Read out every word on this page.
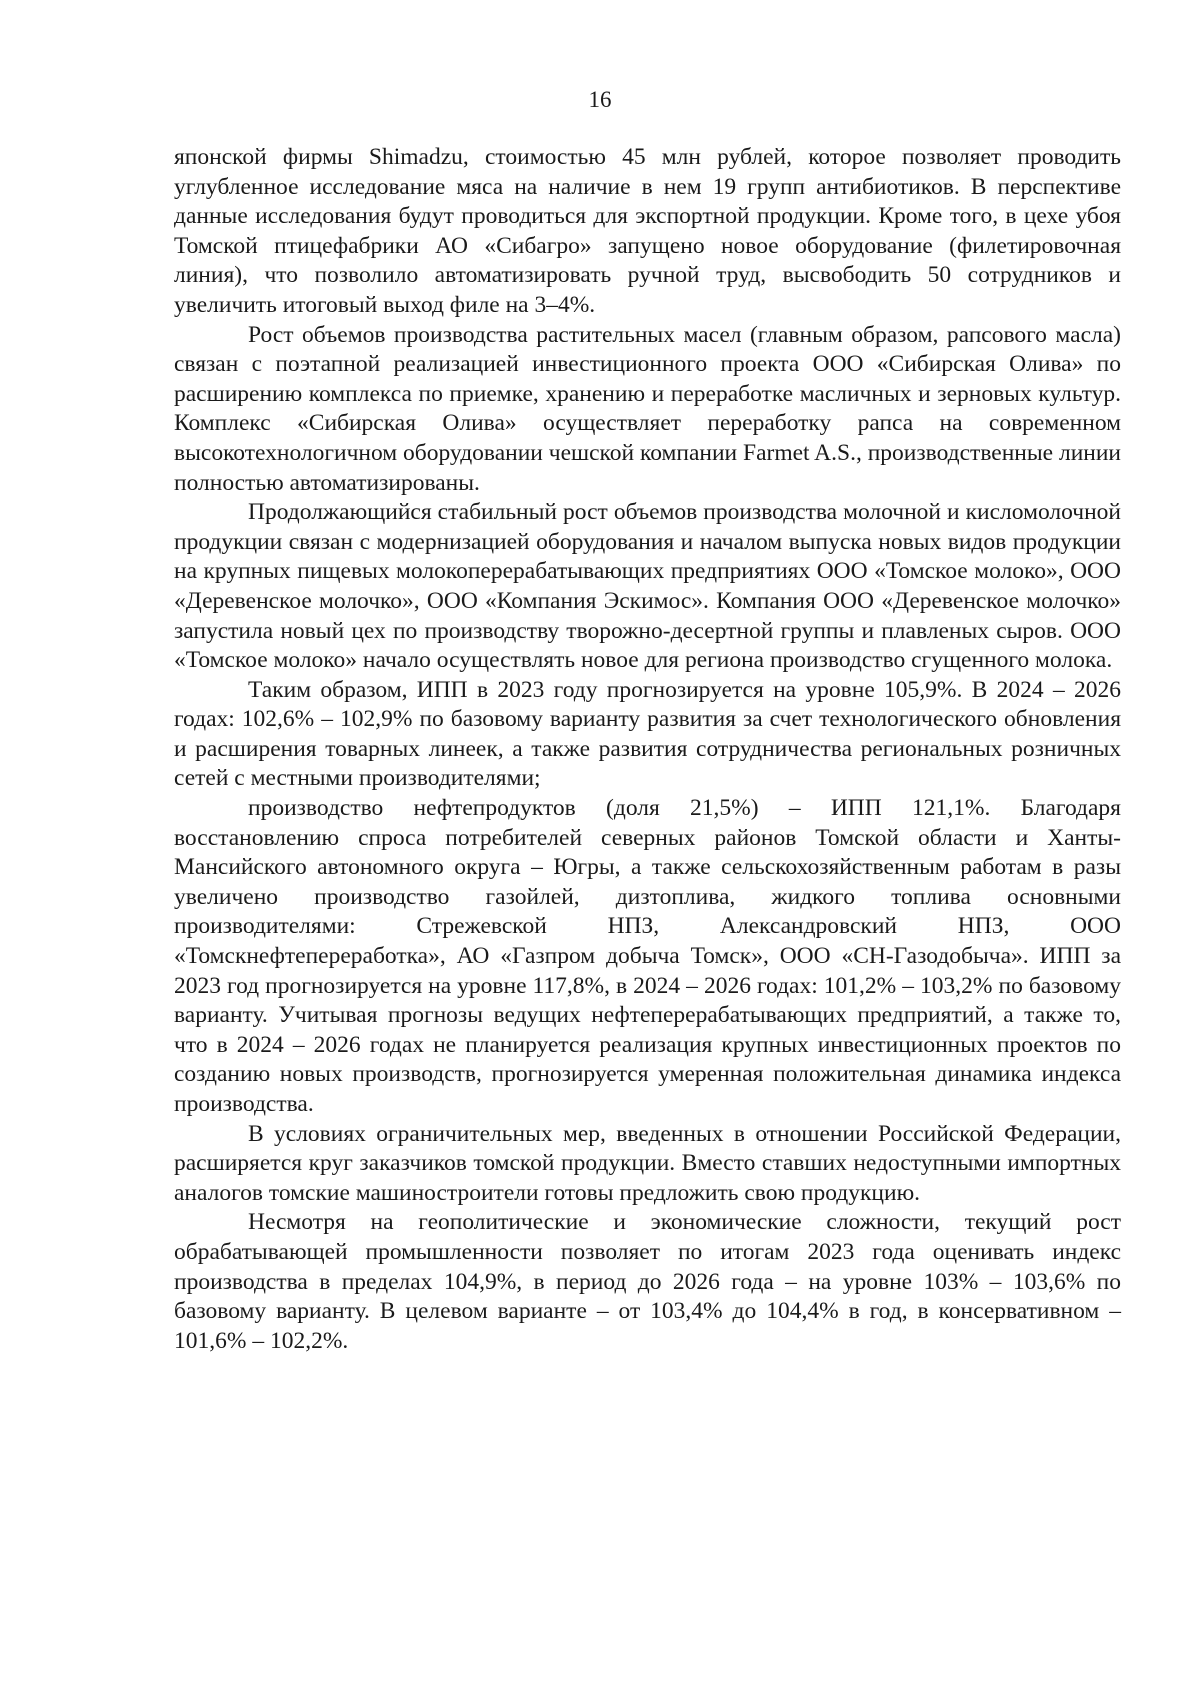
16

японской фирмы Shimadzu, стоимостью 45 млн рублей, которое позволяет проводить углубленное исследование мяса на наличие в нем 19 групп антибиотиков. В перспективе данные исследования будут проводиться для экспортной продукции. Кроме того, в цехе убоя Томской птицефабрики АО «Сибагро» запущено новое оборудование (филетировочная линия), что позволило автоматизировать ручной труд, высвободить 50 сотрудников и увеличить итоговый выход филе на 3–4%.

Рост объемов производства растительных масел (главным образом, рапсового масла) связан с поэтапной реализацией инвестиционного проекта ООО «Сибирская Олива» по расширению комплекса по приемке, хранению и переработке масличных и зерновых культур. Комплекс «Сибирская Олива» осуществляет переработку рапса на современном высокотехнологичном оборудовании чешской компании Farmet A.S., производственные линии полностью автоматизированы.

Продолжающийся стабильный рост объемов производства молочной и кисломолочной продукции связан с модернизацией оборудования и началом выпуска новых видов продукции на крупных пищевых молокоперерабатывающих предприятиях ООО «Томское молоко», ООО «Деревенское молочко», ООО «Компания Эскимос». Компания ООО «Деревенское молочко» запустила новый цех по производству творожно-десертной группы и плавленых сыров. ООО «Томское молоко» начало осуществлять новое для региона производство сгущенного молока.

Таким образом, ИПП в 2023 году прогнозируется на уровне 105,9%. В 2024 – 2026 годах: 102,6% – 102,9% по базовому варианту развития за счет технологического обновления и расширения товарных линеек, а также развития сотрудничества региональных розничных сетей с местными производителями;

производство нефтепродуктов (доля 21,5%) – ИПП 121,1%. Благодаря восстановлению спроса потребителей северных районов Томской области и Ханты-Мансийского автономного округа – Югры, а также сельскохозяйственным работам в разы увеличено производство газойлей, дизтоплива, жидкого топлива основными производителями: Стрежевской НПЗ, Александровский НПЗ, ООО «Томскнефтепереработка», АО «Газпром добыча Томск», ООО «СН-Газодобыча». ИПП за 2023 год прогнозируется на уровне 117,8%, в 2024 – 2026 годах: 101,2% – 103,2% по базовому варианту. Учитывая прогнозы ведущих нефтеперерабатывающих предприятий, а также то, что в 2024 – 2026 годах не планируется реализация крупных инвестиционных проектов по созданию новых производств, прогнозируется умеренная положительная динамика индекса производства.

В условиях ограничительных мер, введенных в отношении Российской Федерации, расширяется круг заказчиков томской продукции. Вместо ставших недоступными импортных аналогов томские машиностроители готовы предложить свою продукцию.

Несмотря на геополитические и экономические сложности, текущий рост обрабатывающей промышленности позволяет по итогам 2023 года оценивать индекс производства в пределах 104,9%, в период до 2026 года – на уровне 103% – 103,6% по базовому варианту. В целевом варианте – от 103,4% до 104,4% в год, в консервативном – 101,6% – 102,2%.
